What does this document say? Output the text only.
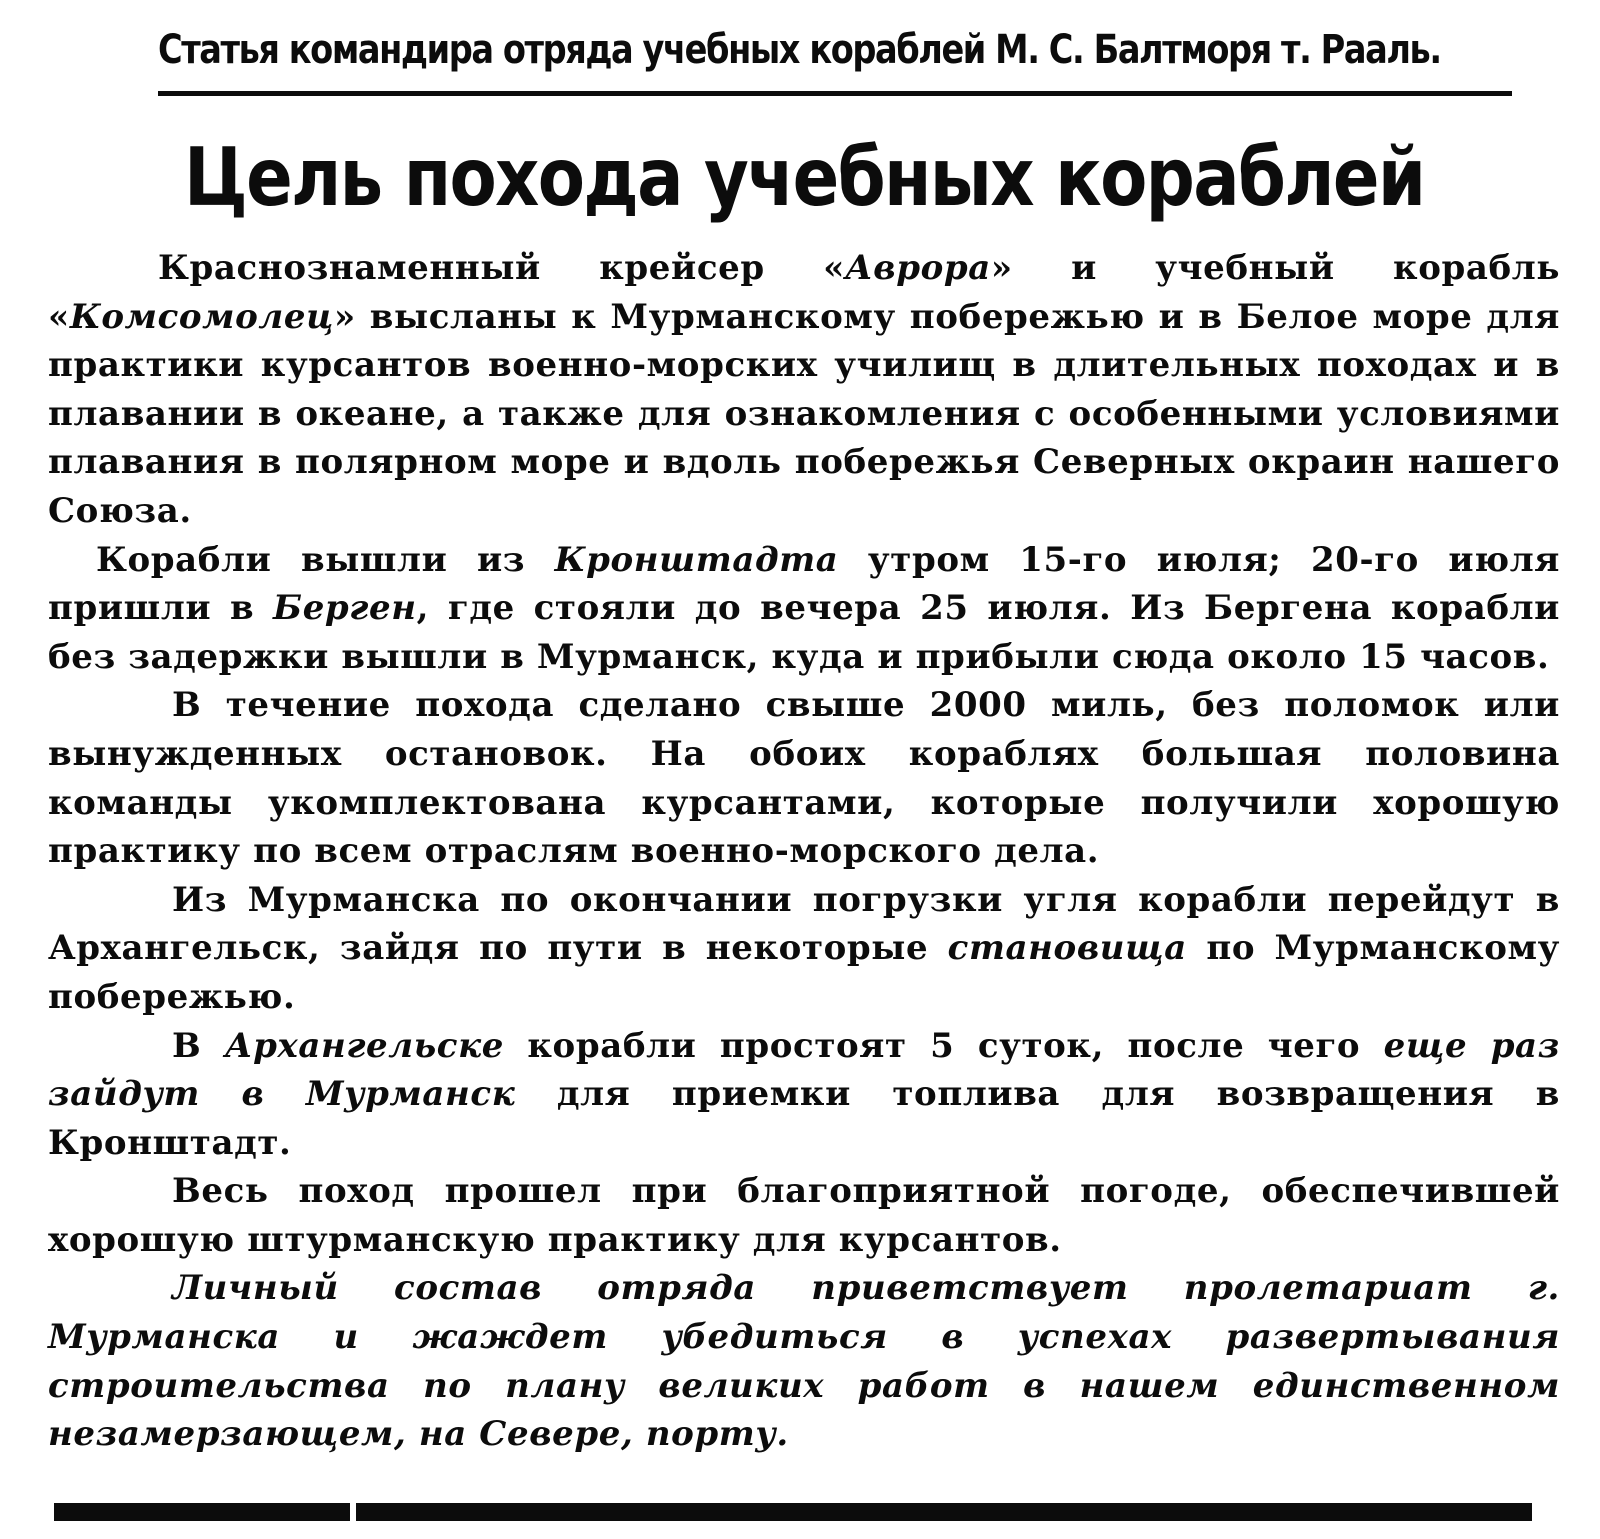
Статья командира отряда учебных кораблей М. С. Балтморя т. Рааль.
Цель похода учебных кораблей

Краснознаменный крейсер «Аврора» и учебный корабль «Комсомолец» высланы к Мурманскому побережью и в Белое море для практики курсантов военно-морских училищ в длительных походах и в плавании в океане, а также для ознакомления с особенными условиями плавания в полярном море и вдоль побережья Северных окраин нашего Союза.

Корабли вышли из Кронштадта утром 15-го июля; 20-го июля пришли в Берген, где стояли до вечера 25 июля. Из Бергена корабли без задержки вышли в Мурманск, куда и прибыли сюда около 15 часов.

В течение похода сделано свыше 2000 миль, без поломок или вынужденных остановок. На обоих кораблях большая половина команды укомплектована курсантами, которые получили хорошую практику по всем отраслям военно-морского дела.

Из Мурманска по окончании погрузки угля корабли перейдут в Архангельск, зайдя по пути в некоторые становища по Мурманскому побережью.

В Архангельске корабли простоят 5 суток, после чего еще раз зайдут в Мурманск для приемки топлива для возвращения в Кронштадт.

Весь поход прошел при благоприятной погоде, обеспечившей хорошую штурманскую практику для курсантов.

Личный состав отряда приветствует пролетариат г. Мурманска и жаждет убедиться в успехах развертывания строительства по плану великих работ в нашем единственном незамерзающем, на Севере, порту.
